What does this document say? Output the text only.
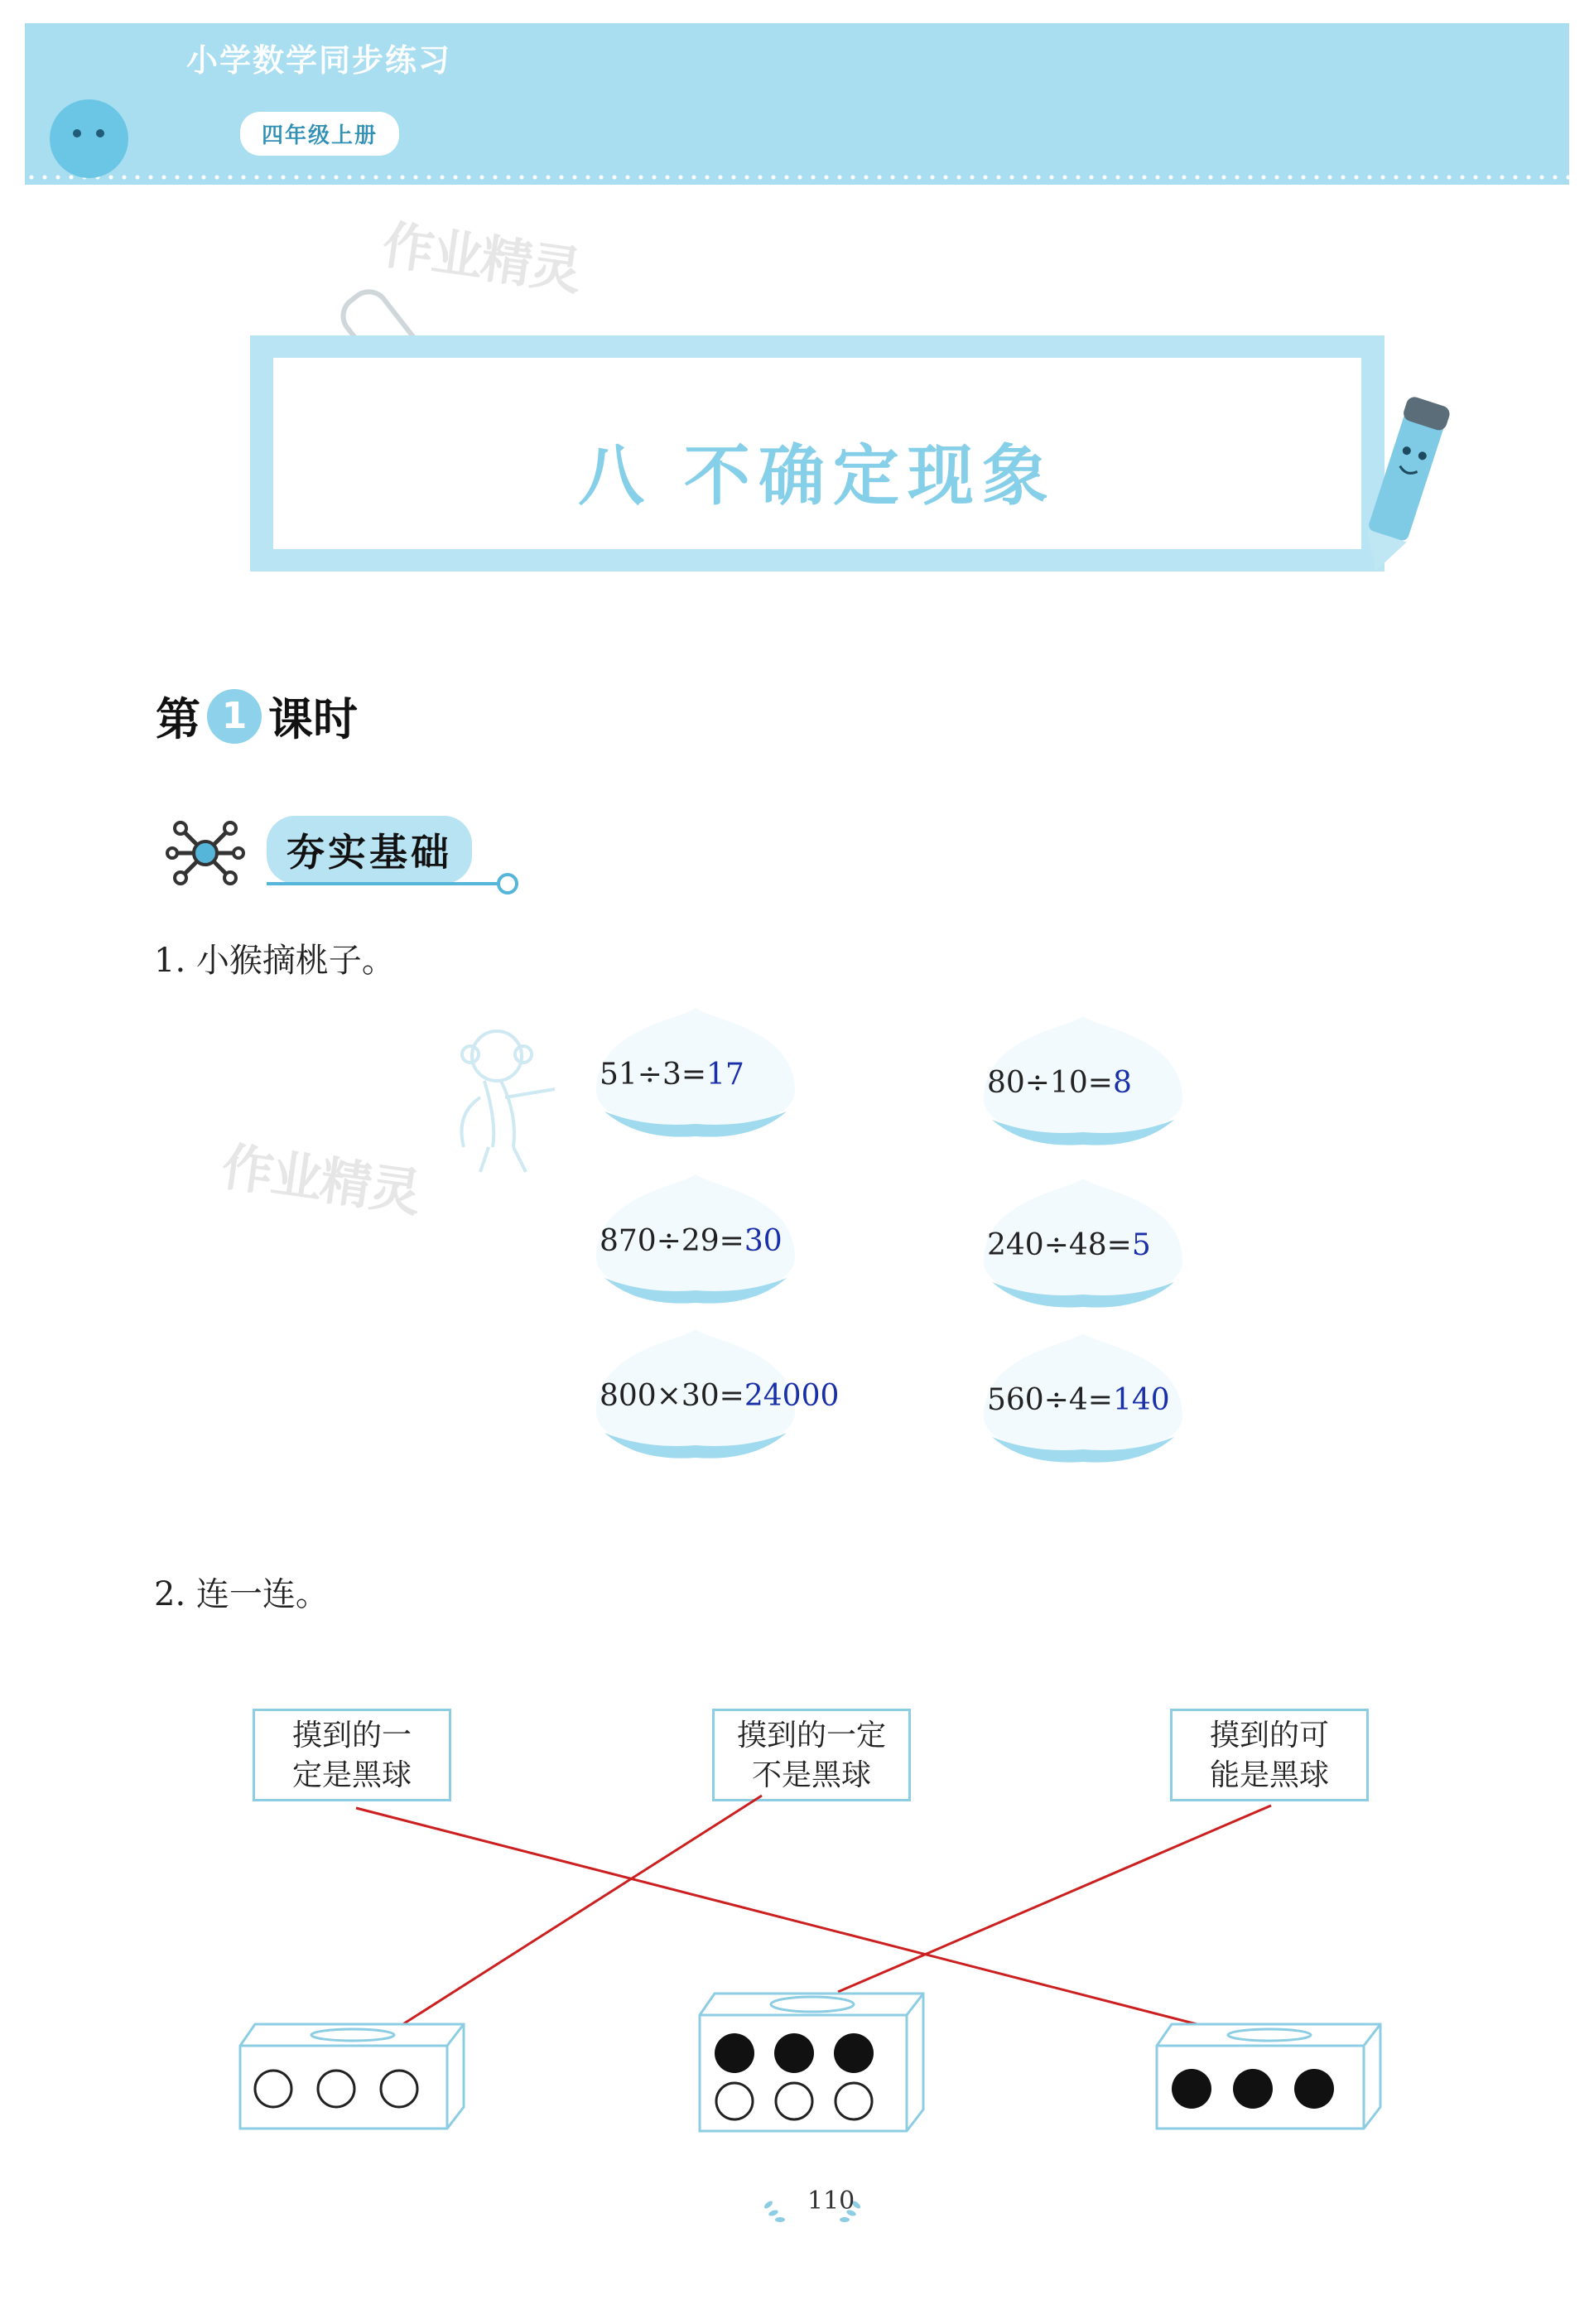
小学数学同步练习
四年级上册
作业精灵
作业精灵
八 不确定现象
第 1 课时
夯实基础
1. 小猴摘桃子。
51÷3=17	80÷10=8
870÷29=30	240÷48=5
800×30=24000	560÷4=140
2. 连一连。
摸到的一
定是黑球
摸到的一定
不是黑球
摸到的可
能是黑球
110
